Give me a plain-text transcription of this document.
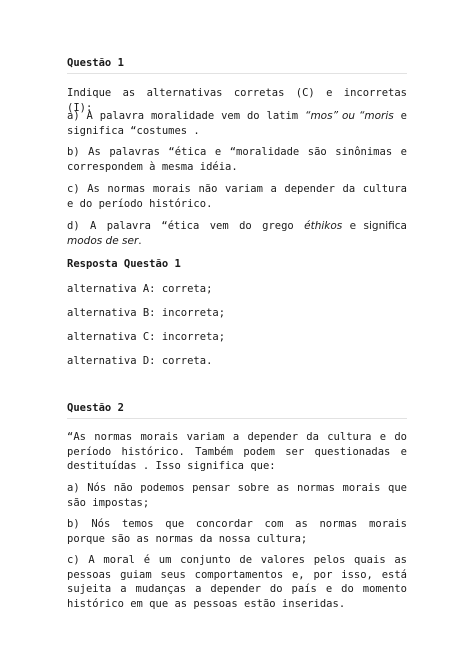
Questão 1

Indique as alternativas corretas (C) e incorretas (I):

a) A palavra moralidade vem do latim “mos” ou “moris e significa “costumes .

b) As palavras “ética e “moralidade são sinônimas e correspondem à mesma idéia.

c) As normas morais não variam a depender da cultura e do período histórico.

d) A palavra “ética vem do grego éthikos e significa modos de ser.

Resposta Questão 1

alternativa A: correta;

alternativa B: incorreta;

alternativa C: incorreta;

alternativa D: correta.

Questão 2

“As normas morais variam a depender da cultura e do período histórico. Também podem ser questionadas e destituídas . Isso significa que:

a) Nós não podemos pensar sobre as normas morais que são impostas;

b) Nós temos que concordar com as normas morais porque são as normas da nossa cultura;

c) A moral é um conjunto de valores pelos quais as pessoas guiam seus comportamentos e, por isso, está sujeita a mudanças a depender do país e do momento histórico em que as pessoas estão inseridas.
